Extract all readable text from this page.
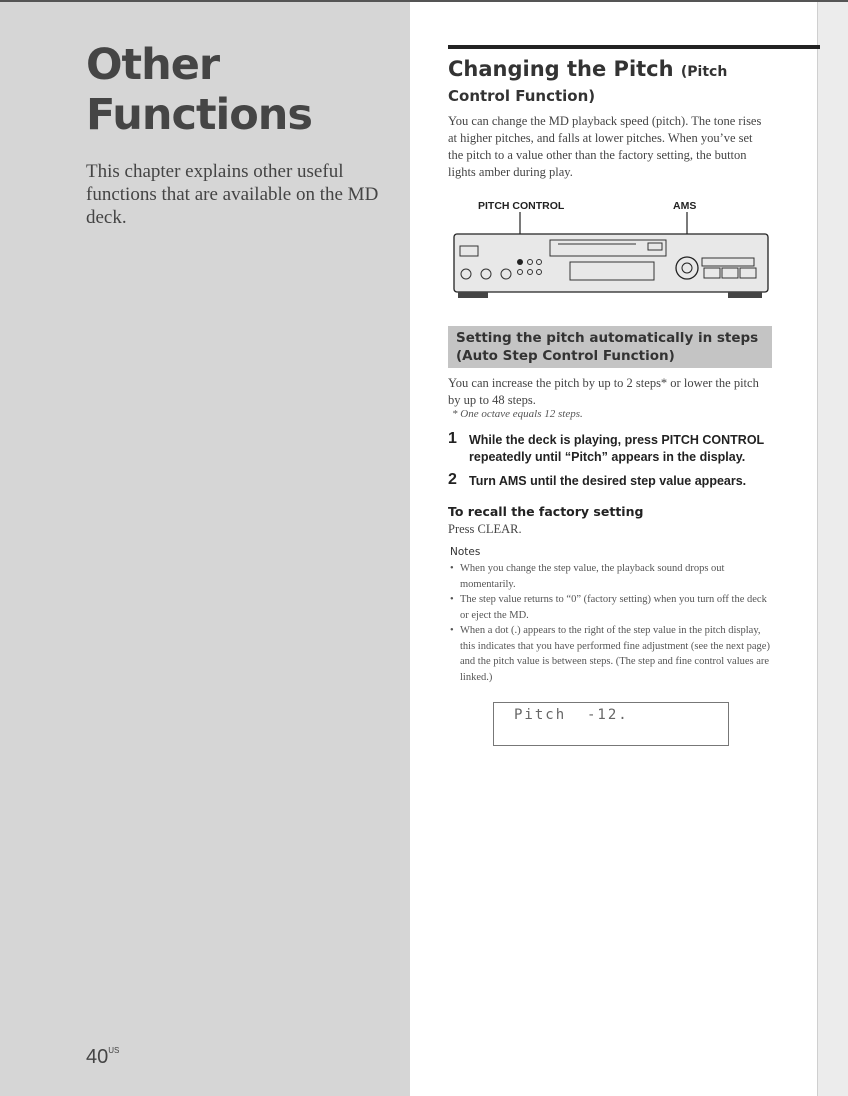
Other Functions

This chapter explains other useful functions that are available on the MD deck.

$40^{US}$
Changing the Pitch (Pitch
Control Function)

You can change the MD playback speed (pitch). The tone rises at higher pitches, and falls at lower pitches. When you’ve set the pitch to a value other than the factory setting, the button lights amber during play.

PITCH CONTROL	AMS
Setting the pitch automatically in steps (Auto Step Control Function)

You can increase the pitch by up to 2 steps* or lower the pitch by up to 48 steps.

* One octave equals 12 steps.
1 While the deck is playing, press PITCH CONTROL repeatedly until “Pitch” appears in the display.
2 Turn AMS until the desired step value appears.
To recall the factory setting

Press CLEAR.

Notes
• When you change the step value, the playback sound drops out momentarily.
• The step value returns to “0” (factory setting) when you turn off the deck or eject the MD.
• When a dot (.) appears to the right of the step value in the pitch display, this indicates that you have performed fine adjustment (see the next page) and the pitch value is between steps. (The step and fine control values are linked.)
Pitch  -12.
